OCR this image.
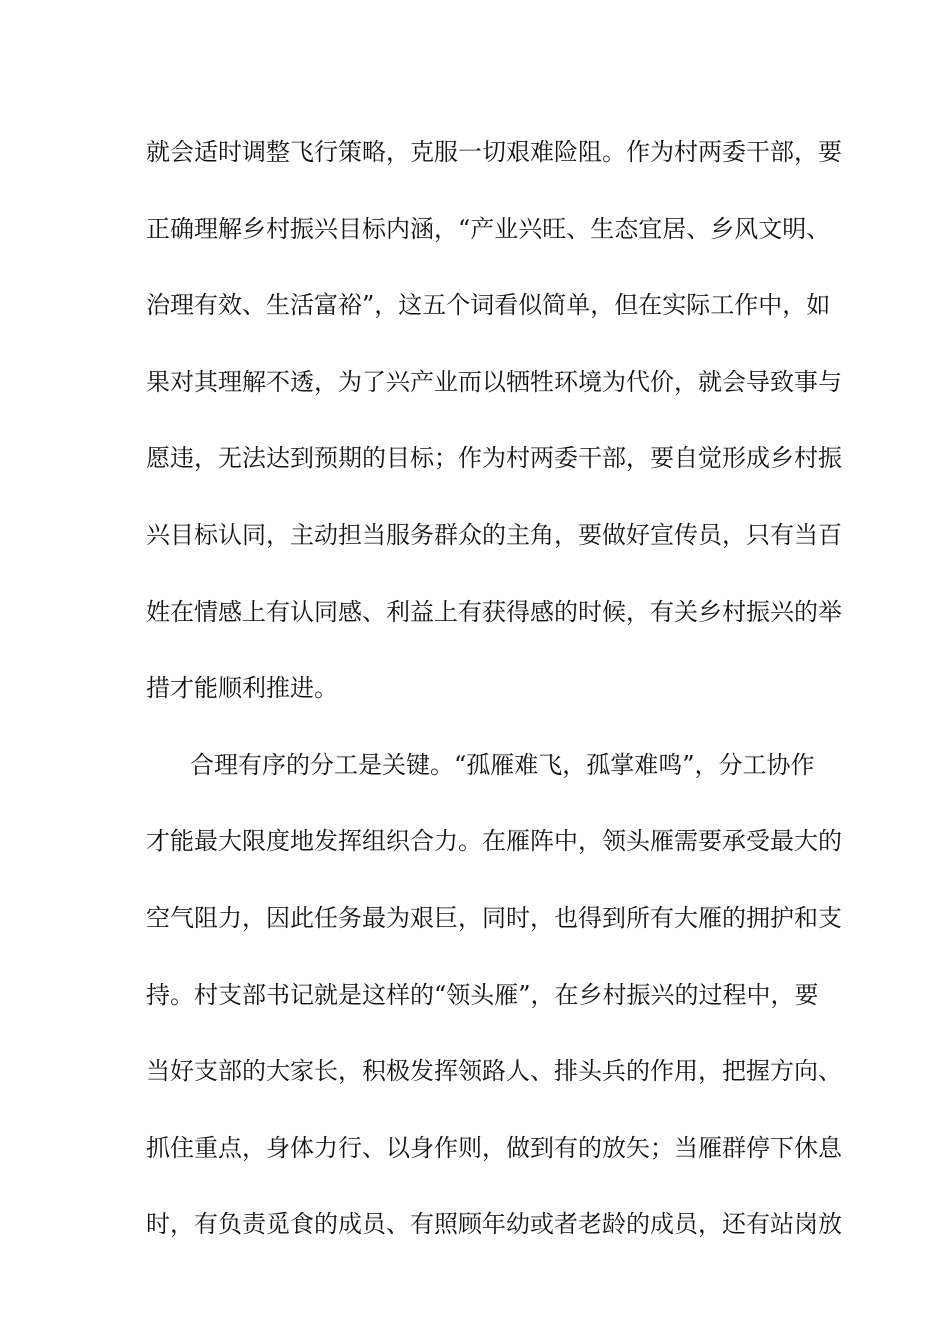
就会适时调整飞行策略，克服一切艰难险阻。作为村两委干部，要
正确理解乡村振兴目标内涵，“产业兴旺、生态宜居、乡风文明、
治理有效、生活富裕”，这五个词看似简单，但在实际工作中，如
果对其理解不透，为了兴产业而以牺牲环境为代价，就会导致事与
愿违，无法达到预期的目标；作为村两委干部，要自觉形成乡村振
兴目标认同，主动担当服务群众的主角，要做好宣传员，只有当百
姓在情感上有认同感、利益上有获得感的时候，有关乡村振兴的举
措才能顺利推进。
合理有序的分工是关键。“孤雁难飞，孤掌难鸣”，分工协作
才能最大限度地发挥组织合力。在雁阵中，领头雁需要承受最大的
空气阻力，因此任务最为艰巨，同时，也得到所有大雁的拥护和支
持。村支部书记就是这样的“领头雁”，在乡村振兴的过程中，要
当好支部的大家长，积极发挥领路人、排头兵的作用，把握方向、
抓住重点，身体力行、以身作则，做到有的放矢；当雁群停下休息
时，有负责觅食的成员、有照顾年幼或者老龄的成员，还有站岗放
